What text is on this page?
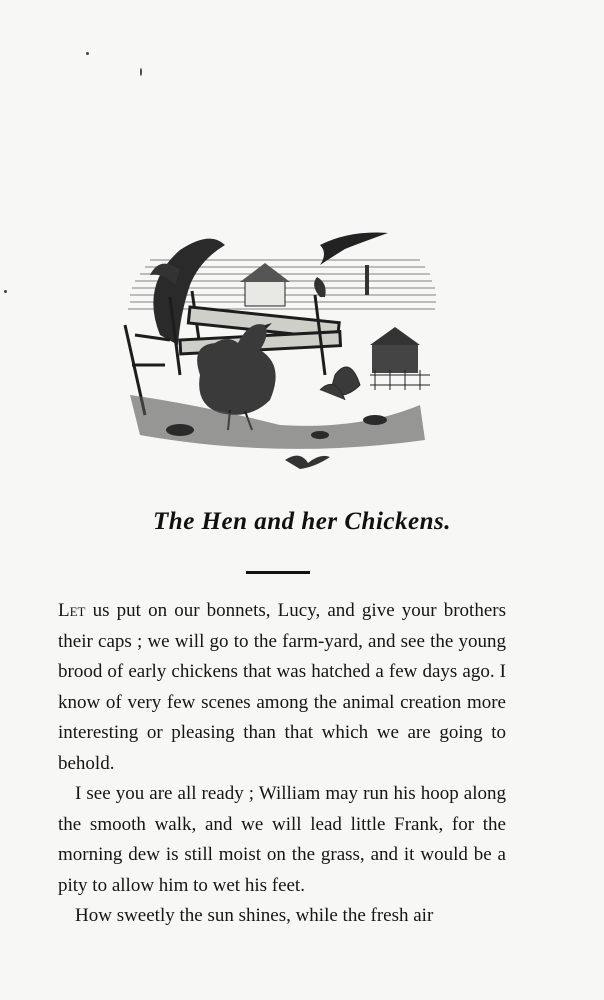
The Hen and her Chickens.

Let us put on our bonnets, Lucy, and give your brothers their caps ; we will go to the farm-yard, and see the young brood of early chickens that was hatched a few days ago. I know of very few scenes among the animal creation more interesting or pleasing than that which we are going to behold.

I see you are all ready ; William may run his hoop along the smooth walk, and we will lead little Frank, for the morning dew is still moist on the grass, and it would be a pity to allow him to wet his feet.

How sweetly the sun shines, while the fresh air
